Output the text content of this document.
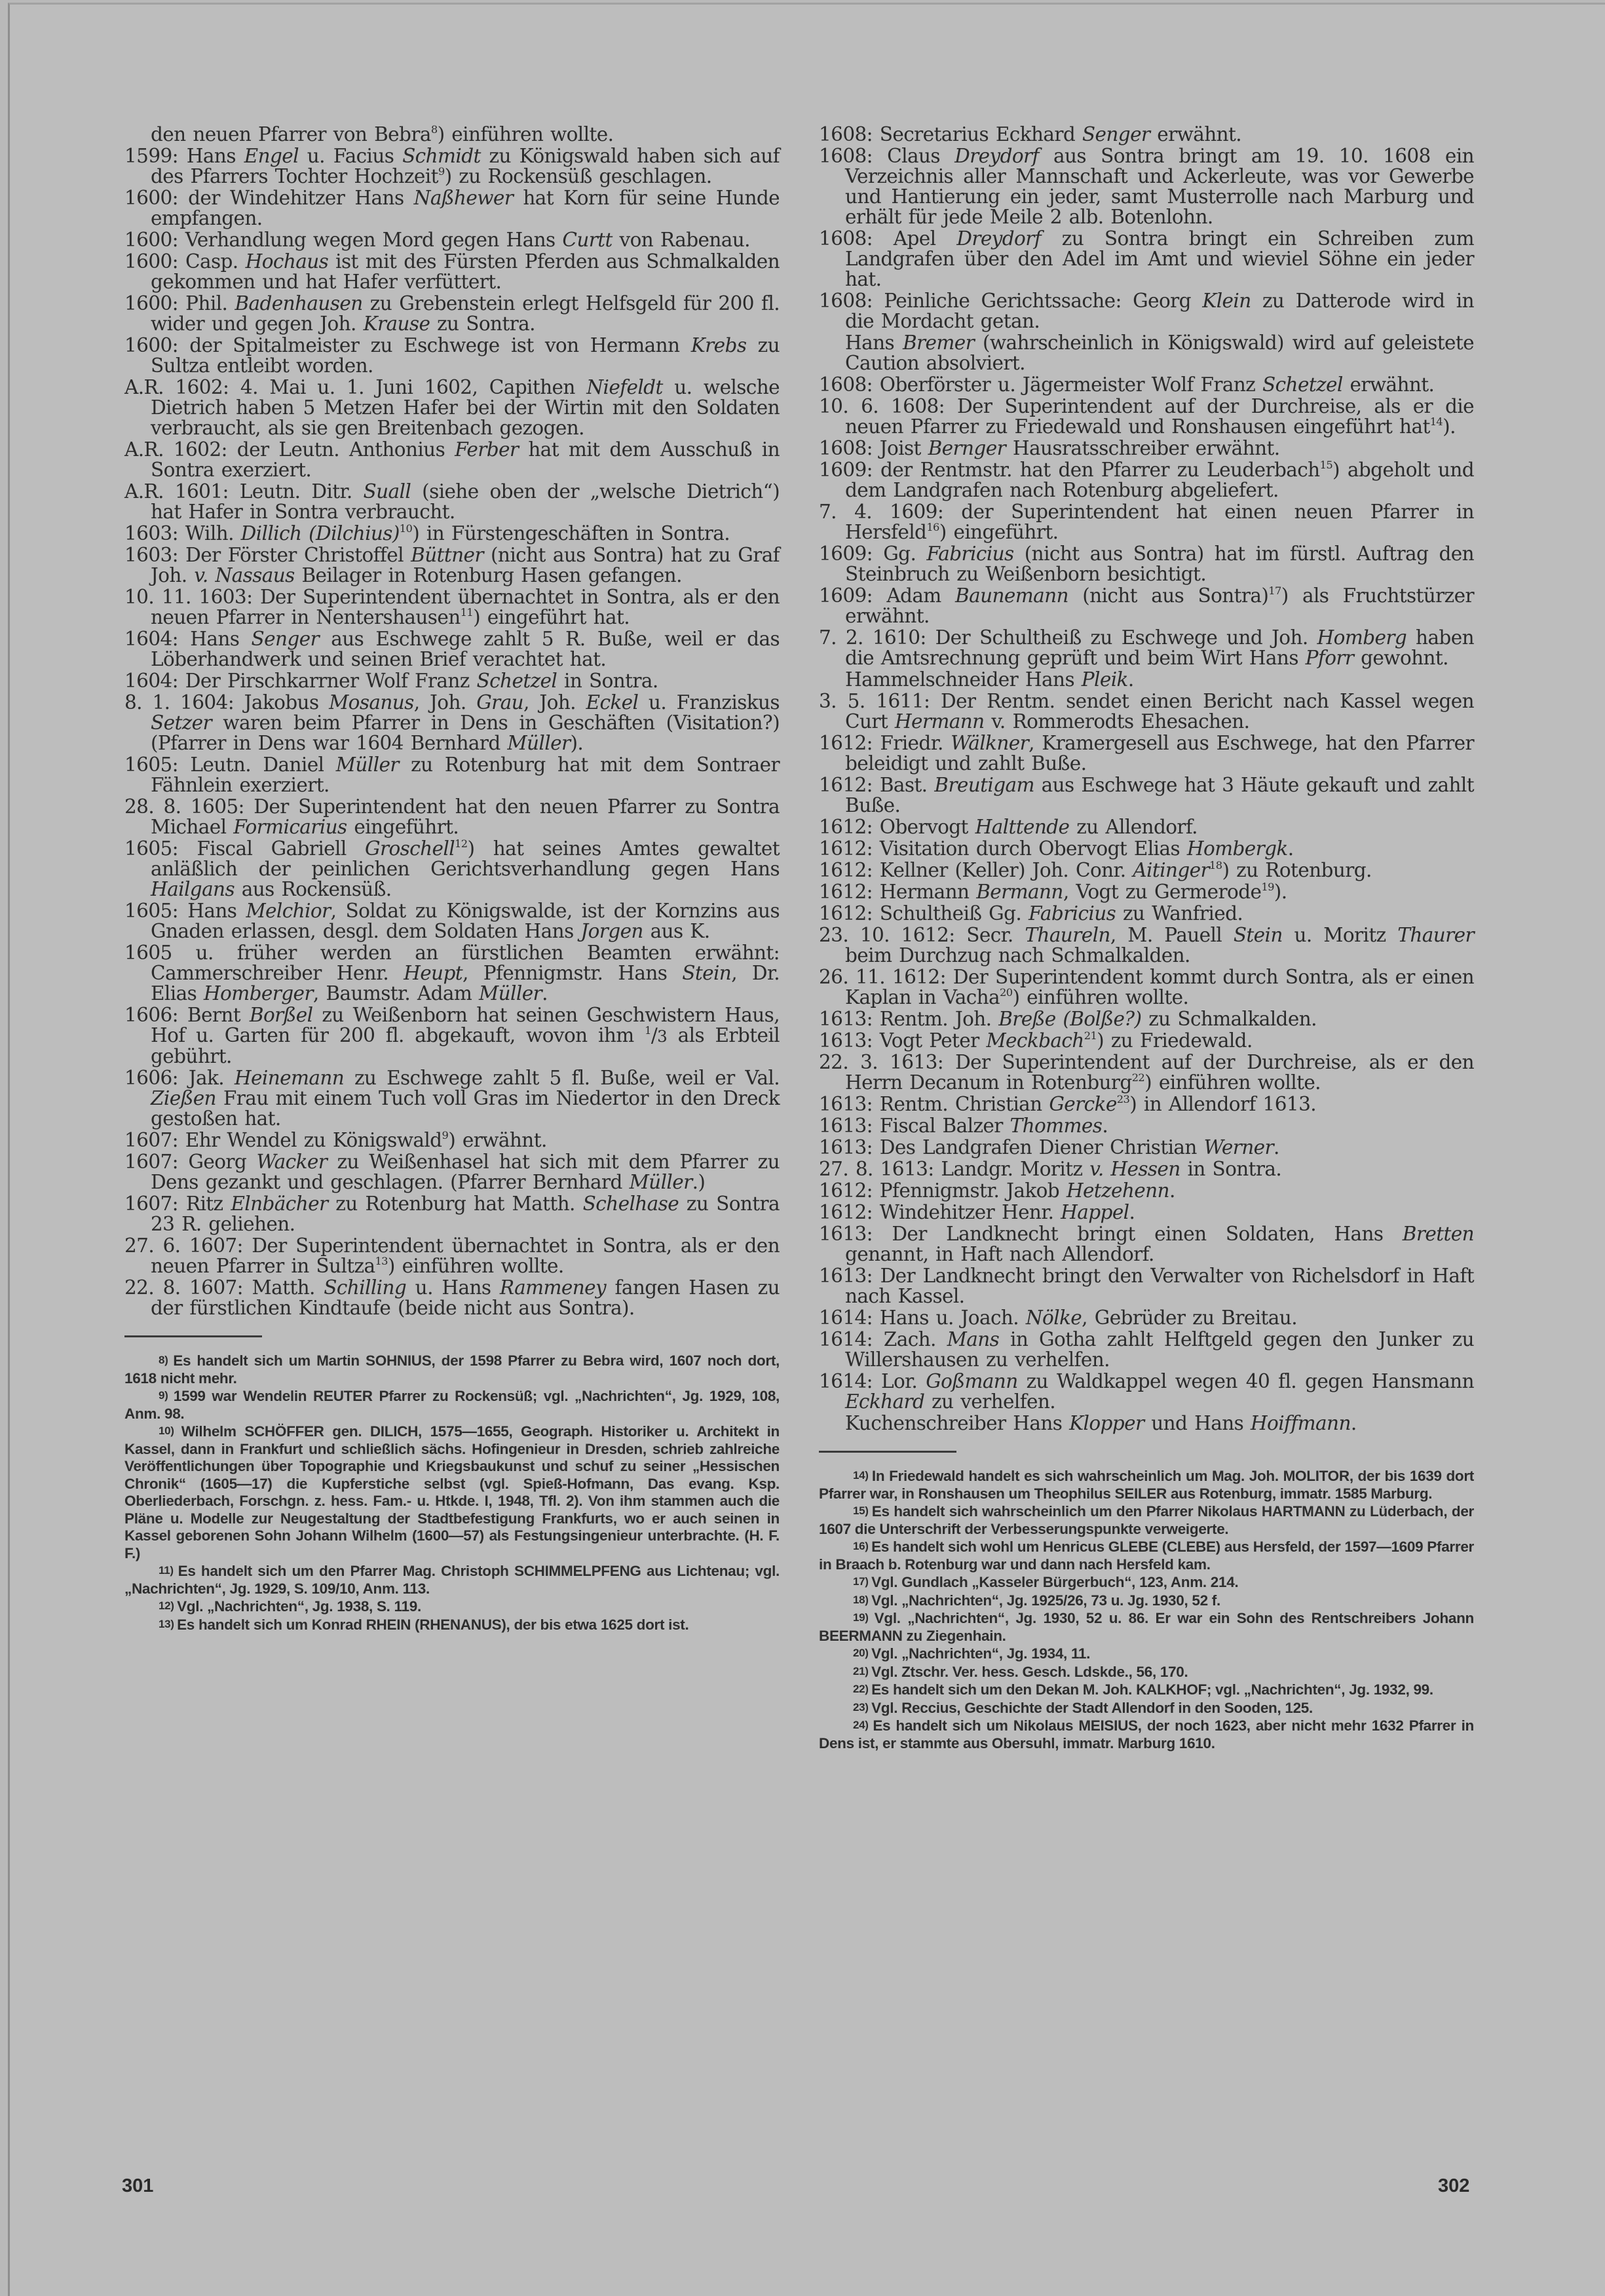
den neuen Pfarrer von Bebra$^8$) einführen wollte.
1599: Hans Engel u. Facius Schmidt zu Königswald haben sich auf des Pfarrers Tochter Hochzeit$^9$) zu Rockensüß geschlagen.
1600: der Windehitzer Hans Naßhewer hat Korn für seine Hunde empfangen.
1600: Verhandlung wegen Mord gegen Hans Curtt von Rabenau.
1600: Casp. Hochaus ist mit des Fürsten Pferden aus Schmalkalden gekommen und hat Hafer verfüttert.
1600: Phil. Badenhausen zu Grebenstein erlegt Helfsgeld für 200 fl. wider und gegen Joh. Krause zu Sontra.
1600: der Spitalmeister zu Eschwege ist von Hermann Krebs zu Sultza entleibt worden.
A.R. 1602: 4. Mai u. 1. Juni 1602, Capithen Niefeldt u. welsche Dietrich haben 5 Metzen Hafer bei der Wirtin mit den Soldaten verbraucht, als sie gen Breitenbach gezogen.
A.R. 1602: der Leutn. Anthonius Ferber hat mit dem Ausschuß in Sontra exerziert.
A.R. 1601: Leutn. Ditr. Suall (siehe oben der „welsche Dietrich“) hat Hafer in Sontra verbraucht.
1603: Wilh. Dillich (Dilchius)$^{10}$) in Fürstengeschäften in Sontra.
1603: Der Förster Christoffel Büttner (nicht aus Sontra) hat zu Graf Joh. v. Nassaus Beilager in Rotenburg Hasen gefangen.
10. 11. 1603: Der Superintendent übernachtet in Sontra, als er den neuen Pfarrer in Nentershausen$^{11}$) eingeführt hat.
1604: Hans Senger aus Eschwege zahlt 5 R. Buße, weil er das Löberhandwerk und seinen Brief verachtet hat.
1604: Der Pirschkarrner Wolf Franz Schetzel in Sontra.
8. 1. 1604: Jakobus Mosanus, Joh. Grau, Joh. Eckel u. Franziskus Setzer waren beim Pfarrer in Dens in Geschäften (Visitation?) (Pfarrer in Dens war 1604 Bernhard Müller).
1605: Leutn. Daniel Müller zu Rotenburg hat mit dem Sontraer Fähnlein exerziert.
28. 8. 1605: Der Superintendent hat den neuen Pfarrer zu Sontra Michael Formicarius eingeführt.
1605: Fiscal Gabriell Groschell$^{12}$) hat seines Amtes gewaltet anläßlich der peinlichen Gerichtsverhandlung gegen Hans Hailgans aus Rockensüß.
1605: Hans Melchior, Soldat zu Königswalde, ist der Kornzins aus Gnaden erlassen, desgl. dem Soldaten Hans Jorgen aus K.
1605 u. früher werden an fürstlichen Beamten erwähnt: Cammerschreiber Henr. Heupt, Pfennigmstr. Hans Stein, Dr. Elias Homberger, Baumstr. Adam Müller.
1606: Bernt Borßel zu Weißenborn hat seinen Geschwistern Haus, Hof u. Garten für 200 fl. abgekauft, wovon ihm $^1$/3 als Erbteil gebührt.
1606: Jak. Heinemann zu Eschwege zahlt 5 fl. Buße, weil er Val. Zießen Frau mit einem Tuch voll Gras im Niedertor in den Dreck gestoßen hat.
1607: Ehr Wendel zu Königswald$^9$) erwähnt.
1607: Georg Wacker zu Weißenhasel hat sich mit dem Pfarrer zu Dens gezankt und geschlagen. (Pfarrer Bernhard Müller.)
1607: Ritz Elnbächer zu Rotenburg hat Matth. Schelhase zu Sontra 23 R. geliehen.
27. 6. 1607: Der Superintendent übernachtet in Sontra, als er den neuen Pfarrer in Sultza$^{13}$) einführen wollte.
22. 8. 1607: Matth. Schilling u. Hans Rammeney fangen Hasen zu der fürstlichen Kindtaufe (beide nicht aus Sontra).
8) Es handelt sich um Martin SOHNIUS, der 1598 Pfarrer zu Bebra wird, 1607 noch dort, 1618 nicht mehr.
9) 1599 war Wendelin REUTER Pfarrer zu Rockensüß; vgl. „Nachrichten“, Jg. 1929, 108, Anm. 98.
10) Wilhelm SCHÖFFER gen. DILICH, 1575—1655, Geograph. Historiker u. Architekt in Kassel, dann in Frankfurt und schließlich sächs. Hofingenieur in Dresden, schrieb zahlreiche Veröffentlichungen über Topographie und Kriegsbaukunst und schuf zu seiner „Hessischen Chronik“ (1605—17) die Kupferstiche selbst (vgl. Spieß-Hofmann, Das evang. Ksp. Oberliederbach, Forschgn. z. hess. Fam.- u. Htkde. I, 1948, Tfl. 2). Von ihm stammen auch die Pläne u. Modelle zur Neugestaltung der Stadtbefestigung Frankfurts, wo er auch seinen in Kassel geborenen Sohn Johann Wilhelm (1600—57) als Festungsingenieur unterbrachte. (H. F. F.)
11) Es handelt sich um den Pfarrer Mag. Christoph SCHIMMELPFENG aus Lichtenau; vgl. „Nachrichten“, Jg. 1929, S. 109/10, Anm. 113.
12) Vgl. „Nachrichten“, Jg. 1938, S. 119.
13) Es handelt sich um Konrad RHEIN (RHENANUS), der bis etwa 1625 dort ist.
1608: Secretarius Eckhard Senger erwähnt.
1608: Claus Dreydorf aus Sontra bringt am 19. 10. 1608 ein Verzeichnis aller Mannschaft und Ackerleute, was vor Gewerbe und Hantierung ein jeder, samt Musterrolle nach Marburg und erhält für jede Meile 2 alb. Botenlohn.
1608: Apel Dreydorf zu Sontra bringt ein Schreiben zum Landgrafen über den Adel im Amt und wieviel Söhne ein jeder hat.
1608: Peinliche Gerichtssache: Georg Klein zu Datterode wird in die Mordacht getan.
Hans Bremer (wahrscheinlich in Königswald) wird auf geleistete Caution absolviert.
1608: Oberförster u. Jägermeister Wolf Franz Schetzel erwähnt.
10. 6. 1608: Der Superintendent auf der Durchreise, als er die neuen Pfarrer zu Friedewald und Ronshausen eingeführt hat$^{14}$).
1608: Joist Bernger Hausratsschreiber erwähnt.
1609: der Rentmstr. hat den Pfarrer zu Leuderbach$^{15}$) abgeholt und dem Landgrafen nach Rotenburg abgeliefert.
7. 4. 1609: der Superintendent hat einen neuen Pfarrer in Hersfeld$^{16}$) eingeführt.
1609: Gg. Fabricius (nicht aus Sontra) hat im fürstl. Auftrag den Steinbruch zu Weißenborn besichtigt.
1609: Adam Baunemann (nicht aus Sontra)$^{17}$) als Fruchtstürzer erwähnt.
7. 2. 1610: Der Schultheiß zu Eschwege und Joh. Homberg haben die Amtsrechnung geprüft und beim Wirt Hans Pforr gewohnt.
Hammelschneider Hans Pleik.
3. 5. 1611: Der Rentm. sendet einen Bericht nach Kassel wegen Curt Hermann v. Rommerodts Ehesachen.
1612: Friedr. Wälkner, Kramergesell aus Eschwege, hat den Pfarrer beleidigt und zahlt Buße.
1612: Bast. Breutigam aus Eschwege hat 3 Häute gekauft und zahlt Buße.
1612: Obervogt Halttende zu Allendorf.
1612: Visitation durch Obervogt Elias Hombergk.
1612: Kellner (Keller) Joh. Conr. Aitinger$^{18}$) zu Rotenburg.
1612: Hermann Bermann, Vogt zu Germerode$^{19}$).
1612: Schultheiß Gg. Fabricius zu Wanfried.
23. 10. 1612: Secr. Thaureln, M. Pauell Stein u. Moritz Thaurer beim Durchzug nach Schmalkalden.
26. 11. 1612: Der Superintendent kommt durch Sontra, als er einen Kaplan in Vacha$^{20}$) einführen wollte.
1613: Rentm. Joh. Breße (Bolße?) zu Schmalkalden.
1613: Vogt Peter Meckbach$^{21}$) zu Friedewald.
22. 3. 1613: Der Superintendent auf der Durchreise, als er den Herrn Decanum in Rotenburg$^{22}$) einführen wollte.
1613: Rentm. Christian Gercke$^{23}$) in Allendorf 1613.
1613: Fiscal Balzer Thommes.
1613: Des Landgrafen Diener Christian Werner.
27. 8. 1613: Landgr. Moritz v. Hessen in Sontra.
1612: Pfennigmstr. Jakob Hetzehenn.
1612: Windehitzer Henr. Happel.
1613: Der Landknecht bringt einen Soldaten, Hans Bretten genannt, in Haft nach Allendorf.
1613: Der Landknecht bringt den Verwalter von Richelsdorf in Haft nach Kassel.
1614: Hans u. Joach. Nölke, Gebrüder zu Breitau.
1614: Zach. Mans in Gotha zahlt Helftgeld gegen den Junker zu Willershausen zu verhelfen.
1614: Lor. Goßmann zu Waldkappel wegen 40 fl. gegen Hansmann Eckhard zu verhelfen.
Kuchenschreiber Hans Klopper und Hans Hoiffmann.
14) In Friedewald handelt es sich wahrscheinlich um Mag. Joh. MOLITOR, der bis 1639 dort Pfarrer war, in Ronshausen um Theophilus SEILER aus Rotenburg, immatr. 1585 Marburg.
15) Es handelt sich wahrscheinlich um den Pfarrer Nikolaus HARTMANN zu Lüderbach, der 1607 die Unterschrift der Verbesserungspunkte verweigerte.
16) Es handelt sich wohl um Henricus GLEBE (CLEBE) aus Hersfeld, der 1597—1609 Pfarrer in Braach b. Rotenburg war und dann nach Hersfeld kam.
17) Vgl. Gundlach „Kasseler Bürgerbuch“, 123, Anm. 214.
18) Vgl. „Nachrichten“, Jg. 1925/26, 73 u. Jg. 1930, 52 f.
19) Vgl. „Nachrichten“, Jg. 1930, 52 u. 86. Er war ein Sohn des Rentschreibers Johann BEERMANN zu Ziegenhain.
20) Vgl. „Nachrichten“, Jg. 1934, 11.
21) Vgl. Ztschr. Ver. hess. Gesch. Ldskde., 56, 170.
22) Es handelt sich um den Dekan M. Joh. KALKHOF; vgl. „Nachrichten“, Jg. 1932, 99.
23) Vgl. Reccius, Geschichte der Stadt Allendorf in den Sooden, 125.
24) Es handelt sich um Nikolaus MEISIUS, der noch 1623, aber nicht mehr 1632 Pfarrer in Dens ist, er stammte aus Obersuhl, immatr. Marburg 1610.
301	302
